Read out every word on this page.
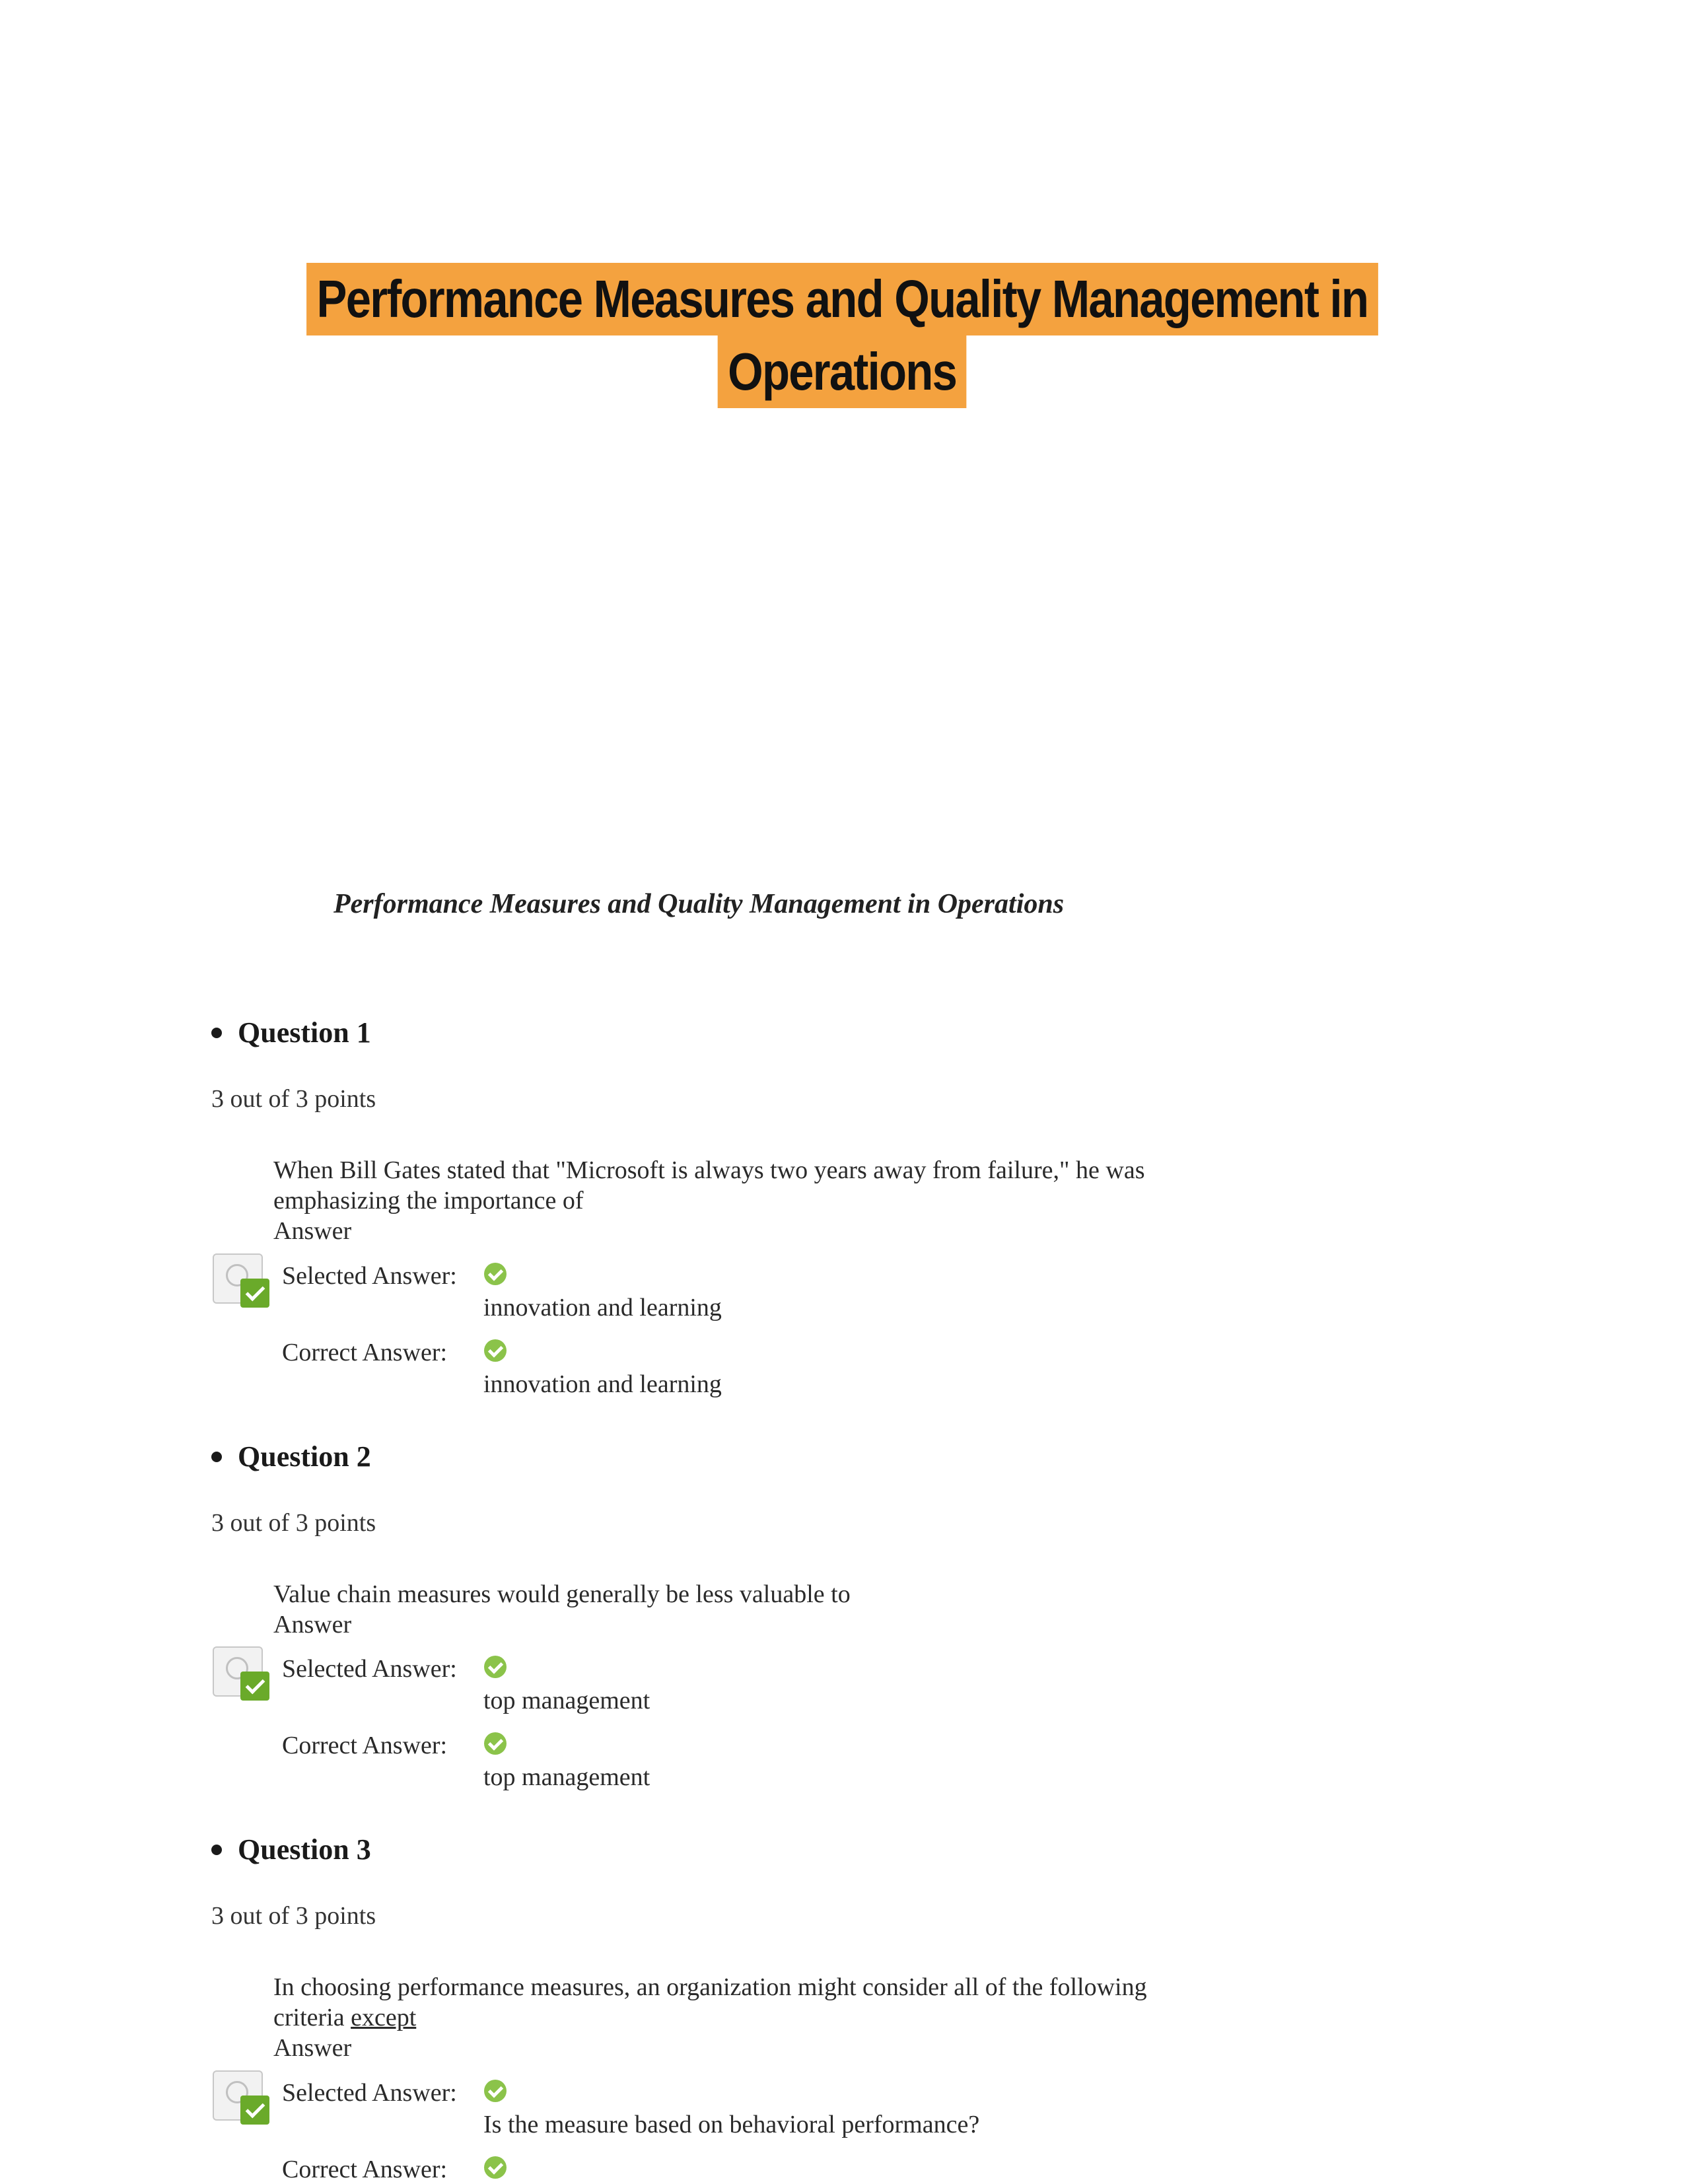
Performance Measures and Quality Management in
Operations
Performance Measures and Quality Management in Operations
Question 1
3 out of 3 points
When Bill Gates stated that "Microsoft is always two years away from failure," he was
emphasizing the importance of
Answer
Selected Answer:
innovation and learning
Correct Answer:
innovation and learning
Question 2
3 out of 3 points
Value chain measures would generally be less valuable to
Answer
Selected Answer:
top management
Correct Answer:
top management
Question 3
3 out of 3 points
In choosing performance measures, an organization might consider all of the following
criteria except
Answer
Selected Answer:
Is the measure based on behavioral performance?
Correct Answer:
